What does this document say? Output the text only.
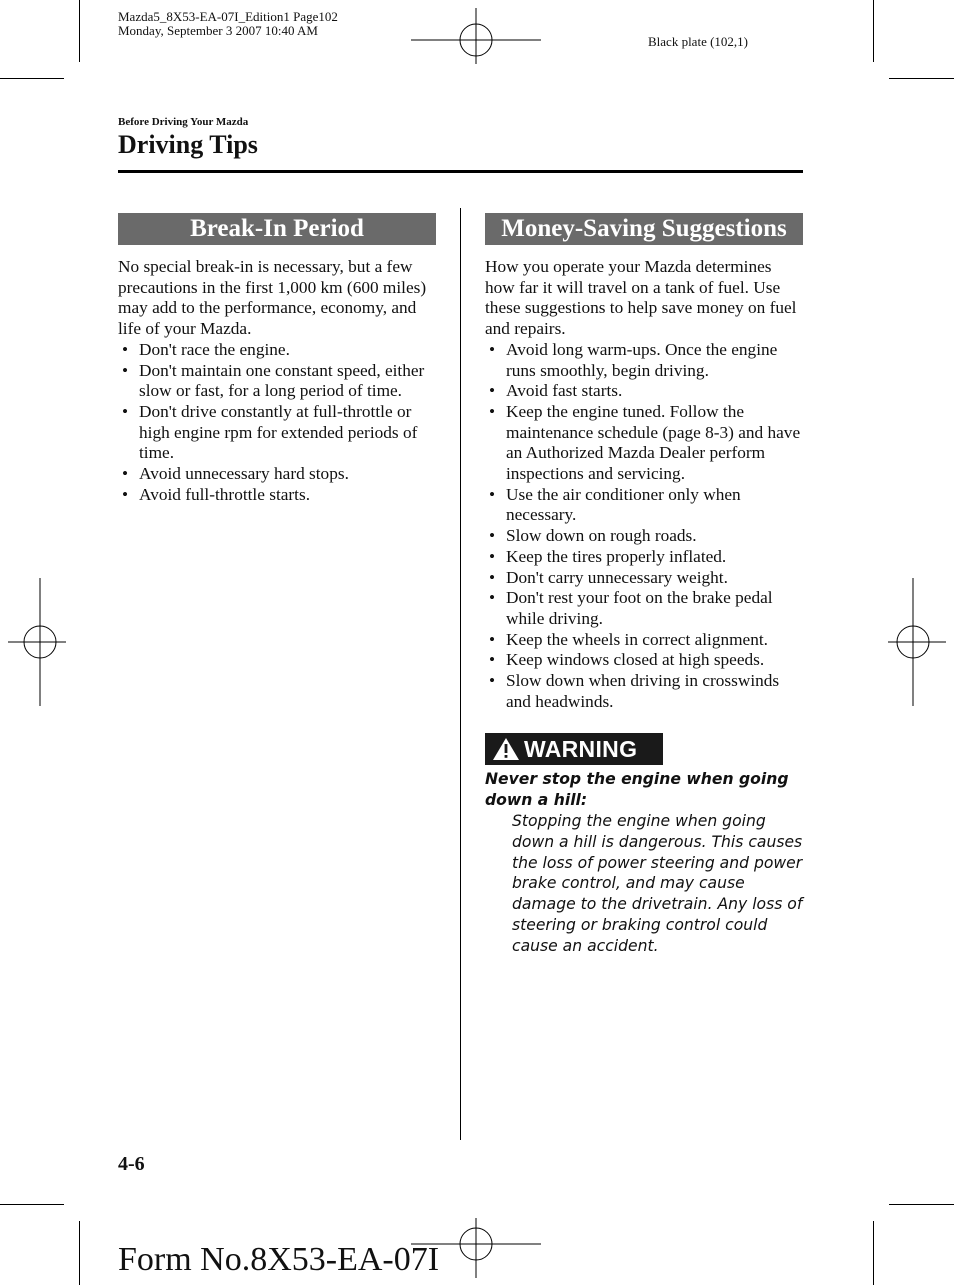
Mazda5_8X53-EA-07I_Edition1 Page102
Monday, September 3 2007 10:40 AM
Black plate (102,1)
Before Driving Your Mazda
Driving Tips
Break-In Period

No special break-in is necessary, but a few precautions in the first 1,000 km (600 miles) may add to the performance, economy, and life of your Mazda.

• Don't race the engine.
• Don't maintain one constant speed, either slow or fast, for a long period of time.
• Don't drive constantly at full-throttle or high engine rpm for extended periods of time.
• Avoid unnecessary hard stops.
• Avoid full-throttle starts.
Money-Saving Suggestions

How you operate your Mazda determines how far it will travel on a tank of fuel. Use these suggestions to help save money on fuel and repairs.

• Avoid long warm-ups. Once the engine runs smoothly, begin driving.
• Avoid fast starts.
• Keep the engine tuned. Follow the maintenance schedule (page 8-3) and have an Authorized Mazda Dealer perform inspections and servicing.
• Use the air conditioner only when necessary.
• Slow down on rough roads.
• Keep the tires properly inflated.
• Don't carry unnecessary weight.
• Don't rest your foot on the brake pedal while driving.
• Keep the wheels in correct alignment.
• Keep windows closed at high speeds.
• Slow down when driving in crosswinds and headwinds.
WARNING
Never stop the engine when going down a hill:
Stopping the engine when going down a hill is dangerous. This causes the loss of power steering and power brake control, and may cause damage to the drivetrain. Any loss of steering or braking control could cause an accident.
4-6
Form No.8X53-EA-07I
